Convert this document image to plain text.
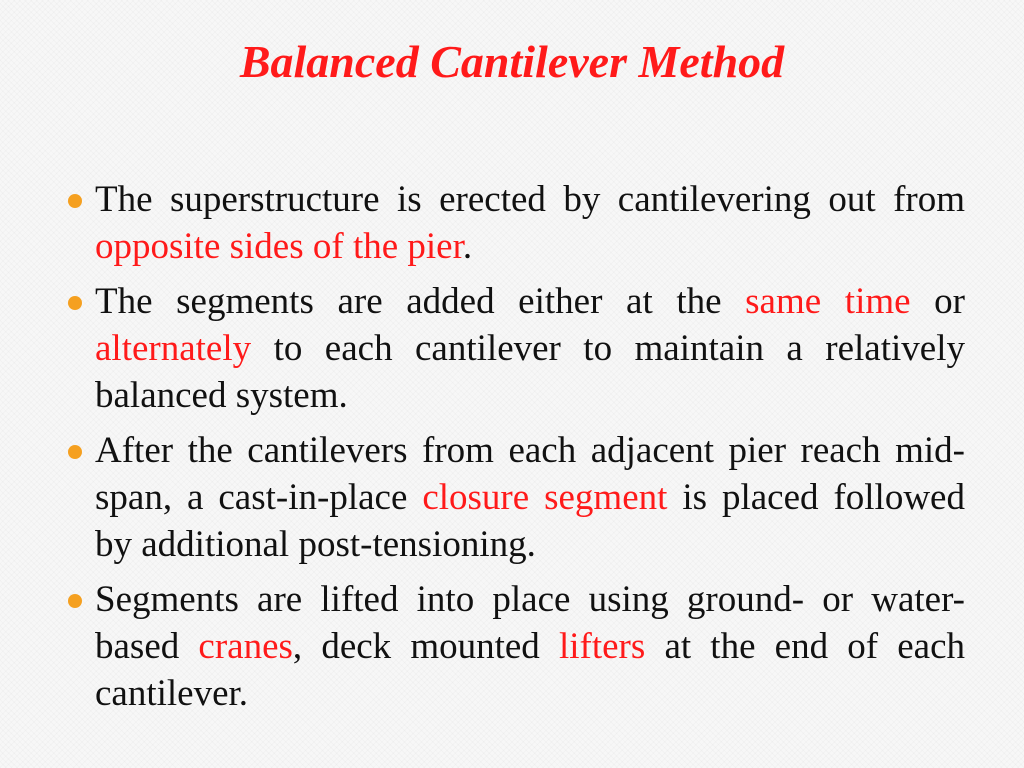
Balanced Cantilever Method
The superstructure is erected by cantilevering out from opposite sides of the pier.
The segments are added either at the same time or alternately to each cantilever to maintain a relatively balanced system.
After the cantilevers from each adjacent pier reach mid-span, a cast-in-place closure segment is placed followed by additional post-tensioning.
Segments are lifted into place using ground- or water-based cranes, deck mounted lifters at the end of each cantilever.
